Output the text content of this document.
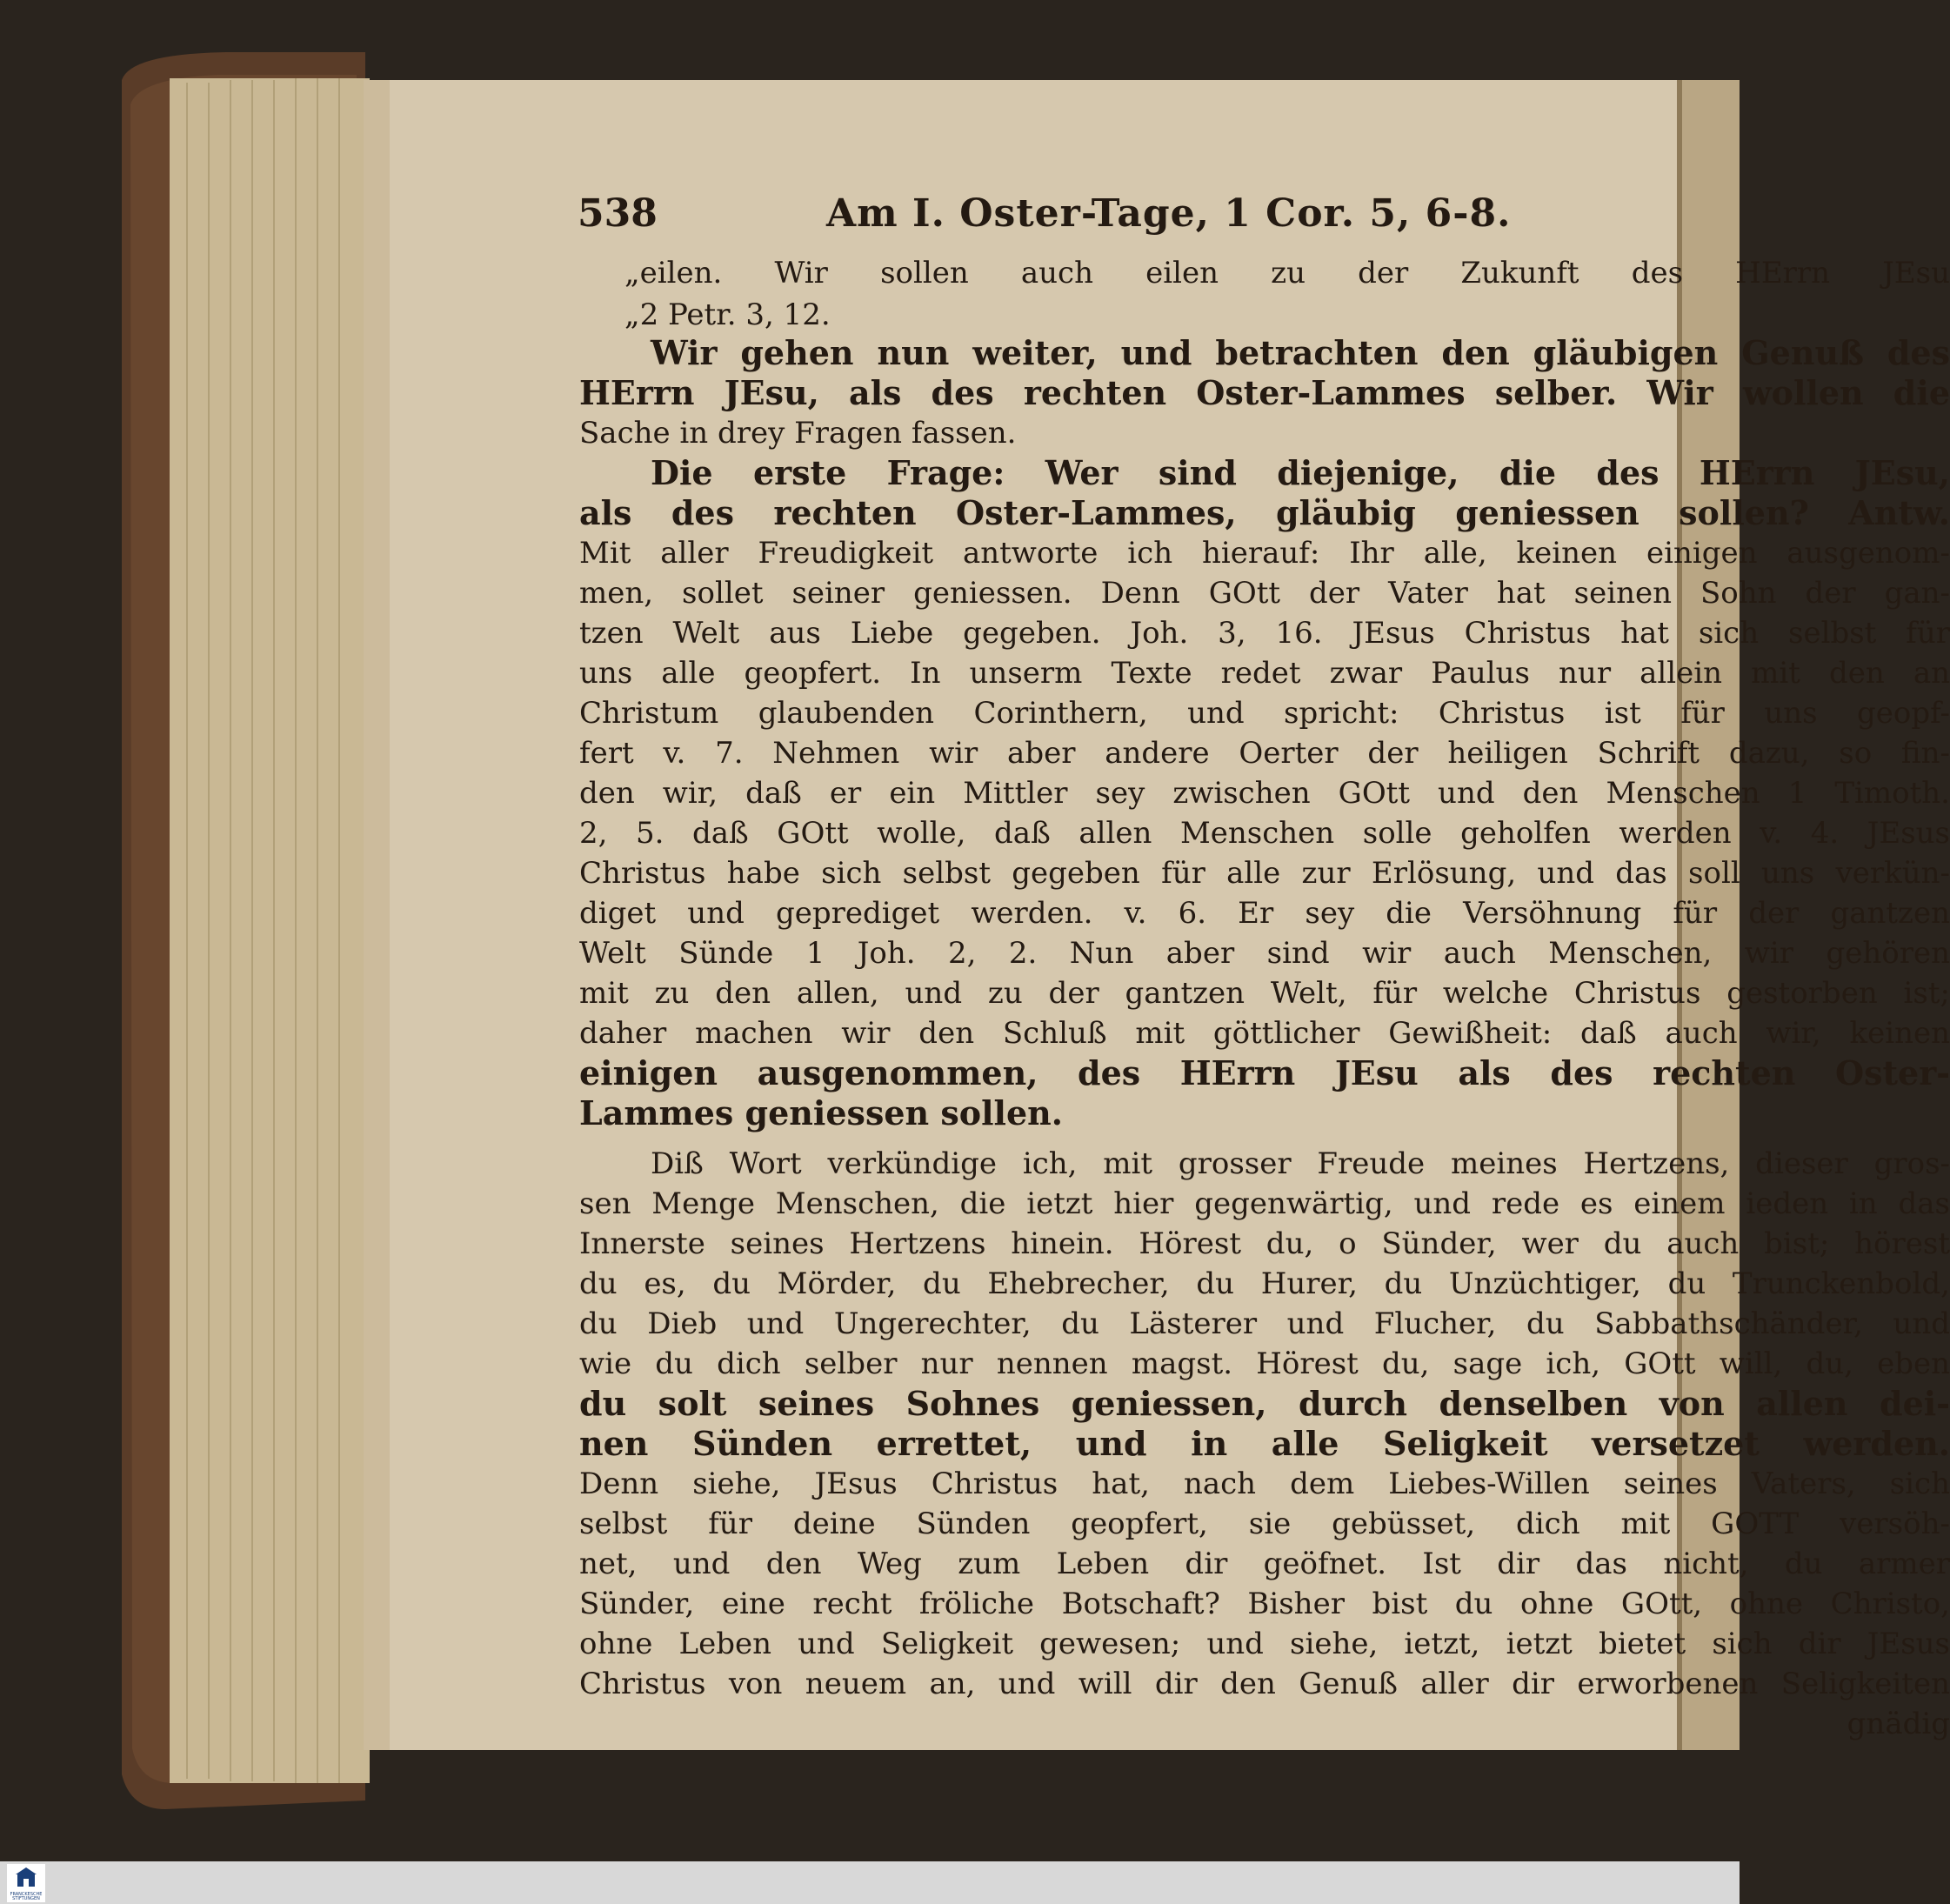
538	Am I. Oster-Tage, 1 Cor. 5, 6-8.
„eilen. Wir sollen auch eilen zu der Zukunft des HErrn JEsu
„2 Petr. 3, 12.
Wir gehen nun weiter, und betrachten den gläubigen Genuß des
HErrn JEsu, als des rechten Oster-Lammes selber. Wir wollen die
Sache in drey Fragen fassen.
Die erste Frage: Wer sind diejenige, die des HErrn JEsu,
als des rechten Oster-Lammes, gläubig geniessen sollen? Antw.
Mit aller Freudigkeit antworte ich hierauf: Ihr alle, keinen einigen ausgenom-
men, sollet seiner geniessen. Denn GOtt der Vater hat seinen Sohn der gan-
tzen Welt aus Liebe gegeben. Joh. 3, 16. JEsus Christus hat sich selbst für
uns alle geopfert. In unserm Texte redet zwar Paulus nur allein mit den an
Christum glaubenden Corinthern, und spricht: Christus ist für uns geopf-
fert v. 7. Nehmen wir aber andere Oerter der heiligen Schrift dazu, so fin-
den wir, daß er ein Mittler sey zwischen GOtt und den Menschen 1 Timoth.
2, 5. daß GOtt wolle, daß allen Menschen solle geholfen werden v. 4. JEsus
Christus habe sich selbst gegeben für alle zur Erlösung, und das soll uns verkün-
diget und geprediget werden. v. 6. Er sey die Versöhnung für der gantzen
Welt Sünde 1 Joh. 2, 2. Nun aber sind wir auch Menschen, wir gehören
mit zu den allen, und zu der gantzen Welt, für welche Christus gestorben ist;
daher machen wir den Schluß mit göttlicher Gewißheit: daß auch wir, keinen
einigen ausgenommen, des HErrn JEsu als des rechten Oster-
Lammes geniessen sollen.
Diß Wort verkündige ich, mit grosser Freude meines Hertzens, dieser gros-
sen Menge Menschen, die ietzt hier gegenwärtig, und rede es einem ieden in das
Innerste seines Hertzens hinein. Hörest du, o Sünder, wer du auch bist; hörest
du es, du Mörder, du Ehebrecher, du Hurer, du Unzüchtiger, du Trunckenbold,
du Dieb und Ungerechter, du Lästerer und Flucher, du Sabbathschänder, und
wie du dich selber nur nennen magst. Hörest du, sage ich, GOtt will, du, eben
du solt seines Sohnes geniessen, durch denselben von allen dei-
nen Sünden errettet, und in alle Seligkeit versetzet werden.
Denn siehe, JEsus Christus hat, nach dem Liebes-Willen seines Vaters, sich
selbst für deine Sünden geopfert, sie gebüsset, dich mit GOTT versöh-
net, und den Weg zum Leben dir geöfnet. Ist dir das nicht, du armer
Sünder, eine recht fröliche Botschaft? Bisher bist du ohne GOtt, ohne Christo,
ohne Leben und Seligkeit gewesen; und siehe, ietzt, ietzt bietet sich dir JEsus
Christus von neuem an, und will dir den Genuß aller dir erworbenen Seligkeiten
gnädig
FRANCKESCHE STIFTUNGEN
